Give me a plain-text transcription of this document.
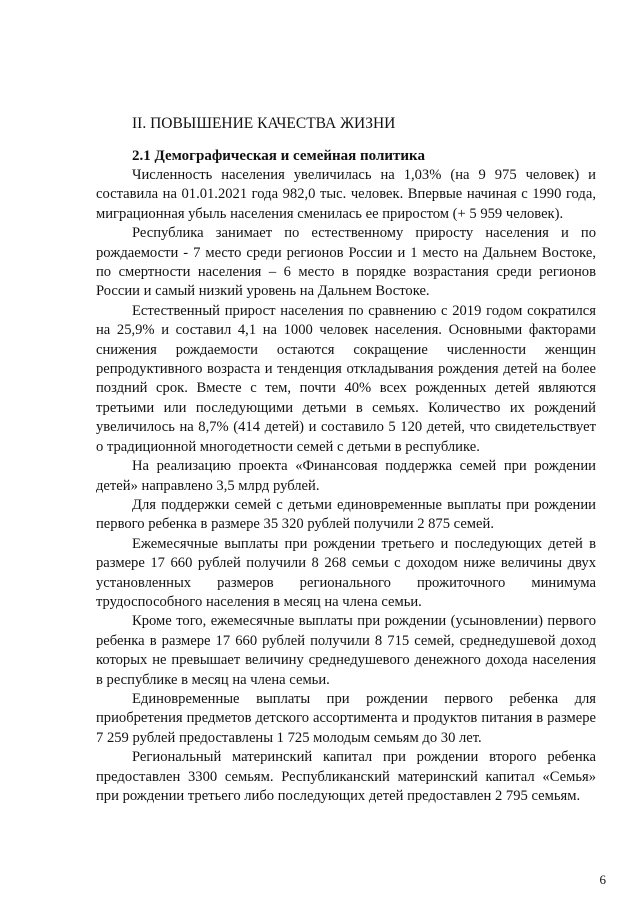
II. ПОВЫШЕНИЕ КАЧЕСТВА ЖИЗНИ
2.1 Демографическая и семейная политика

Численность населения увеличилась на 1,03% (на 9 975 человек) и составила на 01.01.2021 года 982,0 тыс. человек. Впервые начиная с 1990 года, миграционная убыль населения сменилась ее приростом (+ 5 959 человек).

Республика занимает по естественному приросту населения и по рождаемости - 7 место среди регионов России и 1 место на Дальнем Востоке, по смертности населения – 6 место в порядке возрастания среди регионов России и самый низкий уровень на Дальнем Востоке.

Естественный прирост населения по сравнению с 2019 годом сократился на 25,9% и составил 4,1 на 1000 человек населения. Основными факторами снижения рождаемости остаются сокращение численности женщин репродуктивного возраста и тенденция откладывания рождения детей на более поздний срок. Вместе с тем, почти 40% всех рожденных детей являются третьими или последующими детьми в семьях. Количество их рождений увеличилось на 8,7% (414 детей) и составило 5 120 детей, что свидетельствует о традиционной многодетности семей с детьми в республике.

На реализацию проекта «Финансовая поддержка семей при рождении детей» направлено 3,5 млрд рублей.

Для поддержки семей с детьми единовременные выплаты при рождении первого ребенка в размере 35 320 рублей получили 2 875 семей.

Ежемесячные выплаты при рождении третьего и последующих детей в размере 17 660 рублей получили 8 268 семьи с доходом ниже величины двух установленных размеров регионального прожиточного минимума трудоспособного населения в месяц на члена семьи.

Кроме того, ежемесячные выплаты при рождении (усыновлении) первого ребенка в размере 17 660 рублей получили 8 715 семей, среднедушевой доход которых не превышает величину среднедушевого денежного дохода населения в республике в месяц на члена семьи.

Единовременные выплаты при рождении первого ребенка для приобретения предметов детского ассортимента и продуктов питания в размере 7 259 рублей предоставлены 1 725 молодым семьям до 30 лет.

Региональный материнский капитал при рождении второго ребенка предоставлен 3300 семьям. Республиканский материнский капитал «Семья» при рождении третьего либо последующих детей предоставлен 2 795 семьям.

6
